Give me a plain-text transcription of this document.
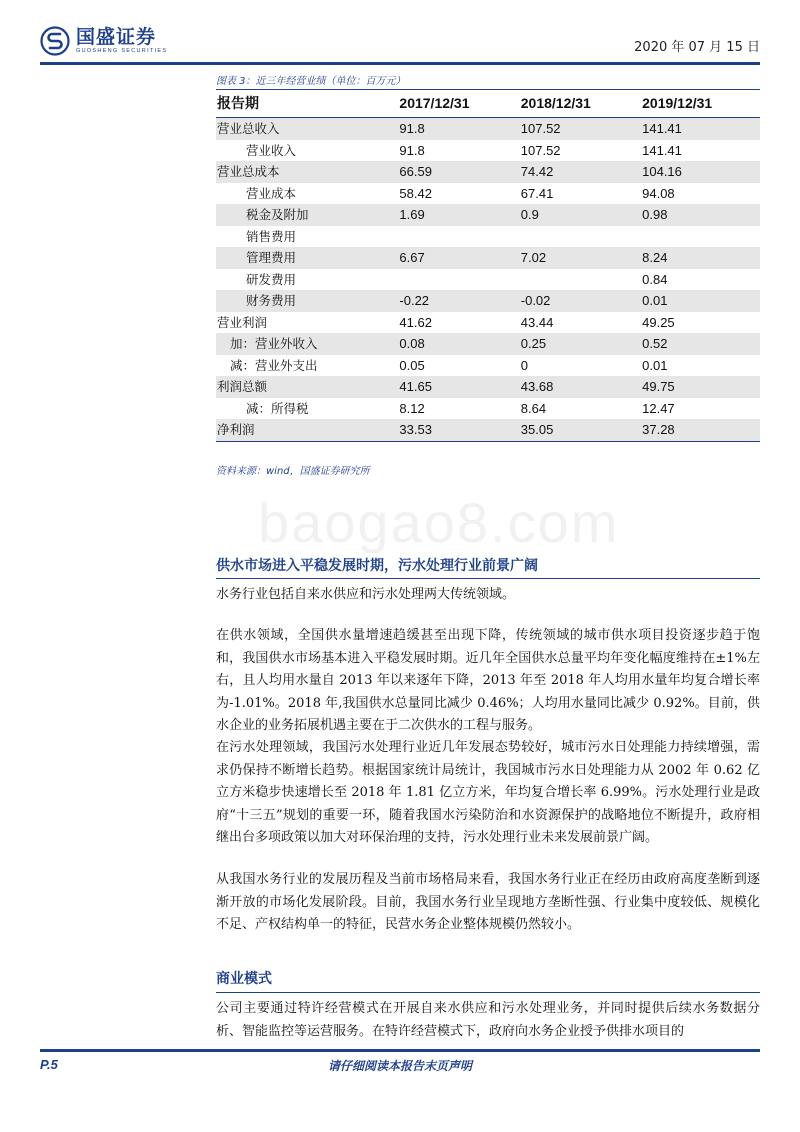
国盛证券
GUOSHENG SECURITIES	2020 年 07 月 15 日
图表 3：近三年经营业绩（单位：百万元）
报告期	2017/12/31	2018/12/31	2019/12/31
营业总收入	91.8	107.52	141.41
营业收入	91.8	107.52	141.41
营业总成本	66.59	74.42	104.16
营业成本	58.42	67.41	94.08
税金及附加	1.69	0.9	0.98
销售费用			
管理费用	6.67	7.02	8.24
研发费用			0.84
财务费用	-0.22	-0.02	0.01
营业利润	41.62	43.44	49.25
加：营业外收入	0.08	0.25	0.52
减：营业外支出	0.05	0	0.01
利润总额	41.65	43.68	49.75
减：所得税	8.12	8.64	12.47
净利润	33.53	35.05	37.28
资料来源：wind，国盛证券研究所
baogao8.com
供水市场进入平稳发展时期，污水处理行业前景广阔
水务行业包括自来水供应和污水处理两大传统领域。
在供水领域，全国供水量增速趋缓甚至出现下降，传统领域的城市供水项目投资逐步趋于饱和，我国供水市场基本进入平稳发展时期。近几年全国供水总量平均年变化幅度维持在±1%左右，且人均用水量自 2013 年以来逐年下降，2013 年至 2018 年人均用水量年均复合增长率为-1.01%。2018 年,我国供水总量同比减少 0.46%；人均用水量同比减少 0.92%。目前，供水企业的业务拓展机遇主要在于二次供水的工程与服务。
在污水处理领域，我国污水处理行业近几年发展态势较好，城市污水日处理能力持续增强，需求仍保持不断增长趋势。根据国家统计局统计，我国城市污水日处理能力从 2002 年 0.62 亿立方米稳步快速增长至 2018 年 1.81 亿立方米，年均复合增长率 6.99%。污水处理行业是政府“十三五”规划的重要一环，随着我国水污染防治和水资源保护的战略地位不断提升，政府相继出台多项政策以加大对环保治理的支持，污水处理行业未来发展前景广阔。
从我国水务行业的发展历程及当前市场格局来看，我国水务行业正在经历由政府高度垄断到逐渐开放的市场化发展阶段。目前，我国水务行业呈现地方垄断性强、行业集中度较低、规模化不足、产权结构单一的特征，民营水务企业整体规模仍然较小。
商业模式
公司主要通过特许经营模式在开展自来水供应和污水处理业务，并同时提供后续水务数据分析、智能监控等运营服务。在特许经营模式下，政府向水务企业授予供排水项目的
P.5	请仔细阅读本报告末页声明
